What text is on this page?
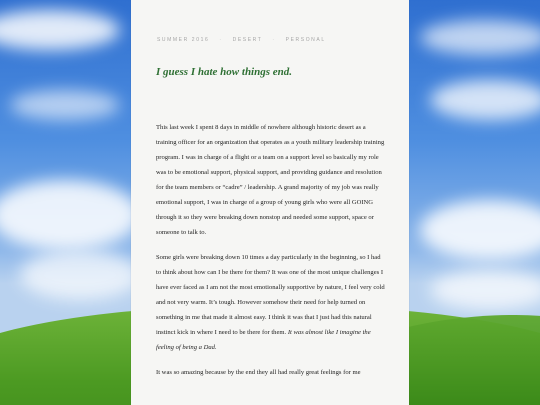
SUMMER 2016 · DESERT · PERSONAL
I guess I hate how things end.

This last week I spent 8 days in middle of nowhere although historic desert as a training officer for an organization that operates as a youth military leadership training program. I was in charge of a flight or a team on a support level so basically my role was to be emotional support, physical support, and providing guidance and resolution for the team members or “cadre” / leadership. A grand majority of my job was really emotional support, I was in charge of a group of young girls who were all GOING through it so they were breaking down nonstop and needed some support, space or someone to talk to.

Some girls were breaking down 10 times a day particularly in the beginning, so I had to think about how can I be there for them? It was one of the most unique challenges I have ever faced as I am not the most emotionally supportive by nature, I feel very cold and not very warm. It’s tough. However somehow their need for help turned on something in me that made it almost easy. I think it was that I just had this natural instinct kick in where I need to be there for them. It was almost like I imagine the feeling of being a Dad.

It was so amazing because by the end they all had really great feelings for me
